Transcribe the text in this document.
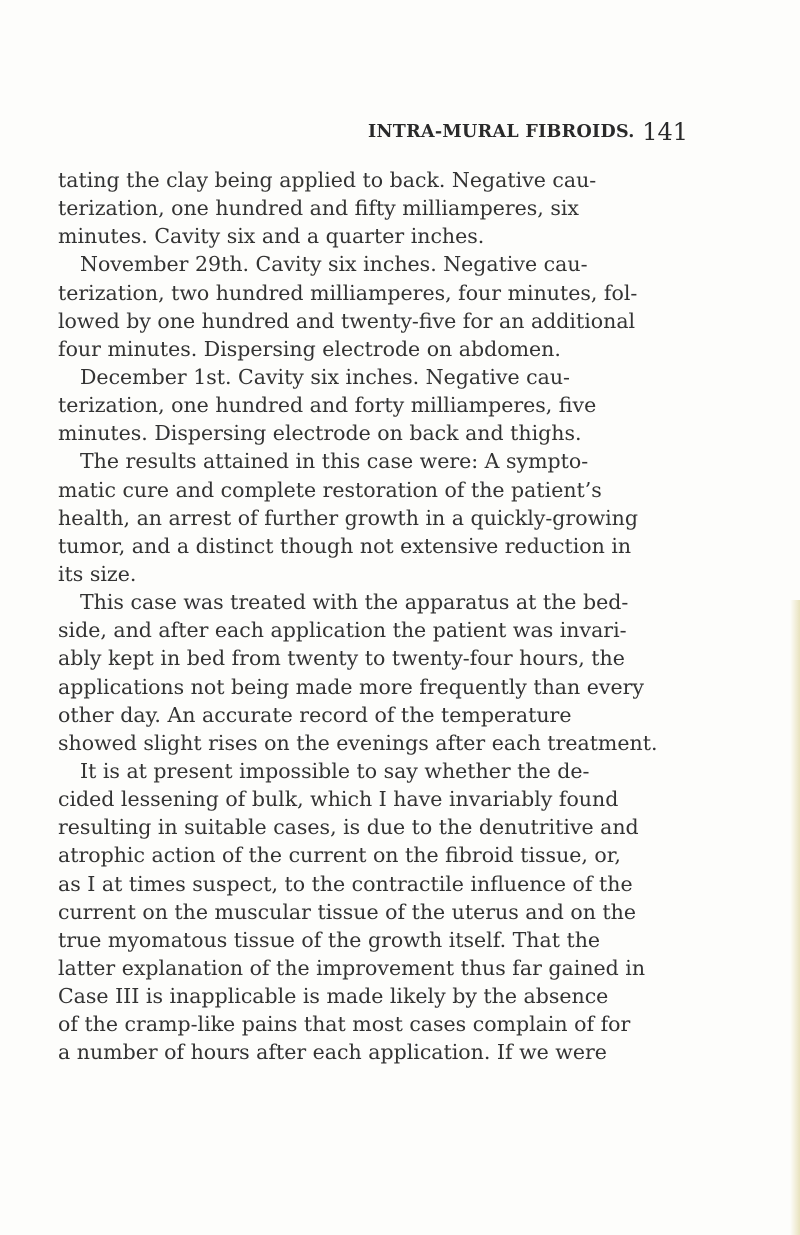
INTRA-MURAL FIBROIDS. 141
tating the clay being applied to back. Negative cau-
terization, one hundred and fifty milliamperes, six
minutes. Cavity six and a quarter inches.
November 29th. Cavity six inches. Negative cau-
terization, two hundred milliamperes, four minutes, fol-
lowed by one hundred and twenty-five for an additional
four minutes. Dispersing electrode on abdomen.
December 1st. Cavity six inches. Negative cau-
terization, one hundred and forty milliamperes, five
minutes. Dispersing electrode on back and thighs.
The results attained in this case were: A sympto-
matic cure and complete restoration of the patient’s
health, an arrest of further growth in a quickly-growing
tumor, and a distinct though not extensive reduction in
its size.
This case was treated with the apparatus at the bed-
side, and after each application the patient was invari-
ably kept in bed from twenty to twenty-four hours, the
applications not being made more frequently than every
other day. An accurate record of the temperature
showed slight rises on the evenings after each treatment.
It is at present impossible to say whether the de-
cided lessening of bulk, which I have invariably found
resulting in suitable cases, is due to the denutritive and
atrophic action of the current on the fibroid tissue, or,
as I at times suspect, to the contractile influence of the
current on the muscular tissue of the uterus and on the
true myomatous tissue of the growth itself. That the
latter explanation of the improvement thus far gained in
Case III is inapplicable is made likely by the absence
of the cramp-like pains that most cases complain of for
a number of hours after each application. If we were
